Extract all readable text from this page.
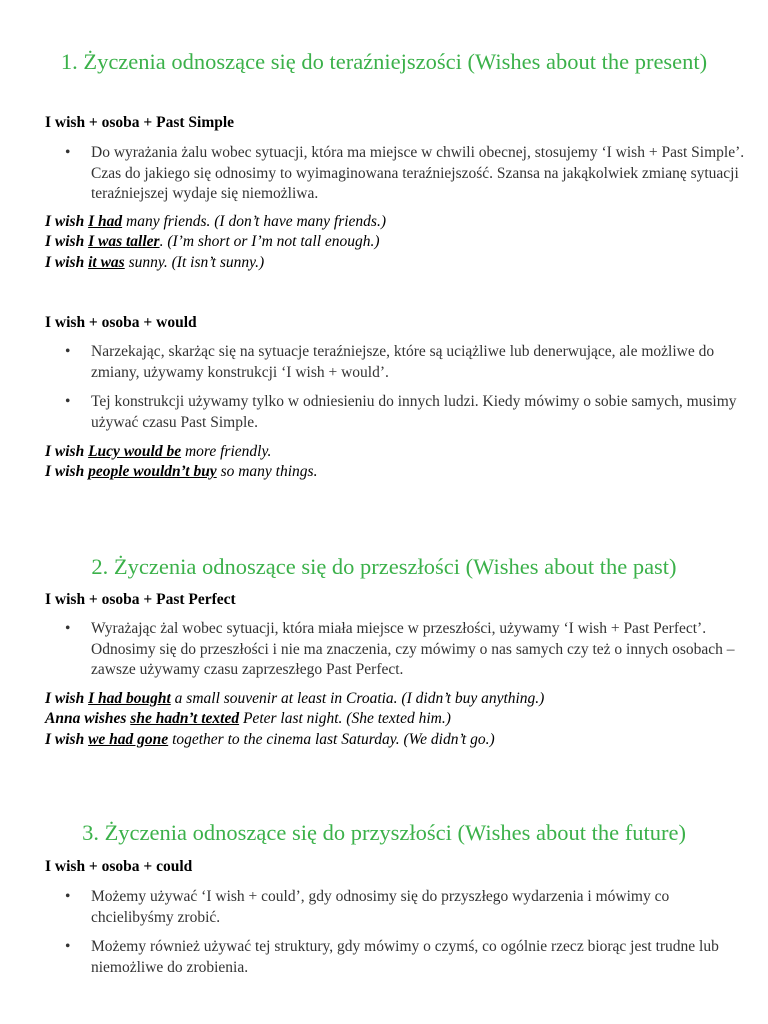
1. Życzenia odnoszące się do teraźniejszości (Wishes about the present)

I wish + osoba + Past Simple

• Do wyrażania żalu wobec sytuacji, która ma miejsce w chwili obecnej, stosujemy ‘I wish + Past Simple’. Czas do jakiego się odnosimy to wyimaginowana teraźniejszość. Szansa na jakąkolwiek zmianę sytuacji teraźniejszej wydaje się niemożliwa.

I wish I had many friends. (I don’t have many friends.)

I wish I was taller. (I’m short or I’m not tall enough.)

I wish it was sunny. (It isn’t sunny.)

I wish + osoba + would

• Narzekając, skarżąc się na sytuacje teraźniejsze, które są uciążliwe lub denerwujące, ale możliwe do zmiany, używamy konstrukcji ‘I wish + would’.
• Tej konstrukcji używamy tylko w odniesieniu do innych ludzi. Kiedy mówimy o sobie samych, musimy używać czasu Past Simple.

I wish Lucy would be more friendly.

I wish people wouldn’t buy so many things.

2. Życzenia odnoszące się do przeszłości (Wishes about the past)

I wish + osoba + Past Perfect

• Wyrażając żal wobec sytuacji, która miała miejsce w przeszłości, używamy ‘I wish + Past Perfect’. Odnosimy się do przeszłości i nie ma znaczenia, czy mówimy o nas samych czy też o innych osobach – zawsze używamy czasu zaprzeszłego Past Perfect.

I wish I had bought a small souvenir at least in Croatia. (I didn’t buy anything.)

Anna wishes she hadn’t texted Peter last night. (She texted him.)

I wish we had gone together to the cinema last Saturday. (We didn’t go.)

3. Życzenia odnoszące się do przyszłości (Wishes about the future)

I wish + osoba + could

• Możemy używać ‘I wish + could’, gdy odnosimy się do przyszłego wydarzenia i mówimy co chcielibyśmy zrobić.
• Możemy również używać tej struktury, gdy mówimy o czymś, co ogólnie rzecz biorąc jest trudne lub niemożliwe do zrobienia.
